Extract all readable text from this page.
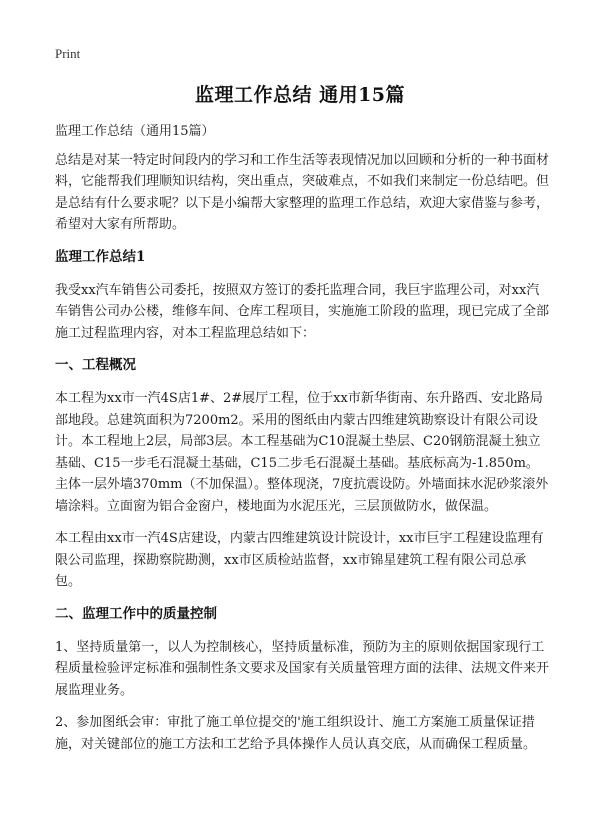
Print
监理工作总结 通用15篇

监理工作总结（通用15篇）

总结是对某一特定时间段内的学习和工作生活等表现情况加以回顾和分析的一种书面材料，它能帮我们理顺知识结构，突出重点，突破难点，不如我们来制定一份总结吧。但是总结有什么要求呢？以下是小编帮大家整理的监理工作总结，欢迎大家借鉴与参考，希望对大家有所帮助。

监理工作总结1

我受xx汽车销售公司委托，按照双方签订的委托监理合同，我巨宇监理公司，对xx汽车销售公司办公楼，维修车间、仓库工程项目，实施施工阶段的监理，现已完成了全部施工过程监理内容，对本工程监理总结如下：

一、工程概况

本工程为xx市一汽4S店1#、2#展厅工程，位于xx市新华街南、东升路西、安北路局部地段。总建筑面积为7200m2。采用的图纸由内蒙古四维建筑勘察设计有限公司设计。本工程地上2层，局部3层。本工程基础为C10混凝土垫层、C20钢筋混凝土独立基础、C15一步毛石混凝土基础，C15二步毛石混凝土基础。基底标高为-1.850m。主体一层外墙370mm（不加保温）。整体现浇，7度抗震设防。外墙面抹水泥砂浆滚外墙涂料。立面窗为铝合金窗户，楼地面为水泥压光，三层顶做防水，做保温。

本工程由xx市一汽4S店建设，内蒙古四维建筑设计院设计，xx市巨宇工程建设监理有限公司监理，探勘察院勘测，xx市区质检站监督，xx市锦星建筑工程有限公司总承包。

二、监理工作中的质量控制

1、坚持质量第一，以人为控制核心，坚持质量标准，预防为主的原则依据国家现行工程质量检验评定标准和强制性条文要求及国家有关质量管理方面的法律、法规文件来开展监理业务。

2、参加图纸会审：审批了施工单位提交的'施工组织设计、施工方案施工质量保证措施，对关键部位的施工方法和工艺给予具体操作人员认真交底，从而确保工程质量。
